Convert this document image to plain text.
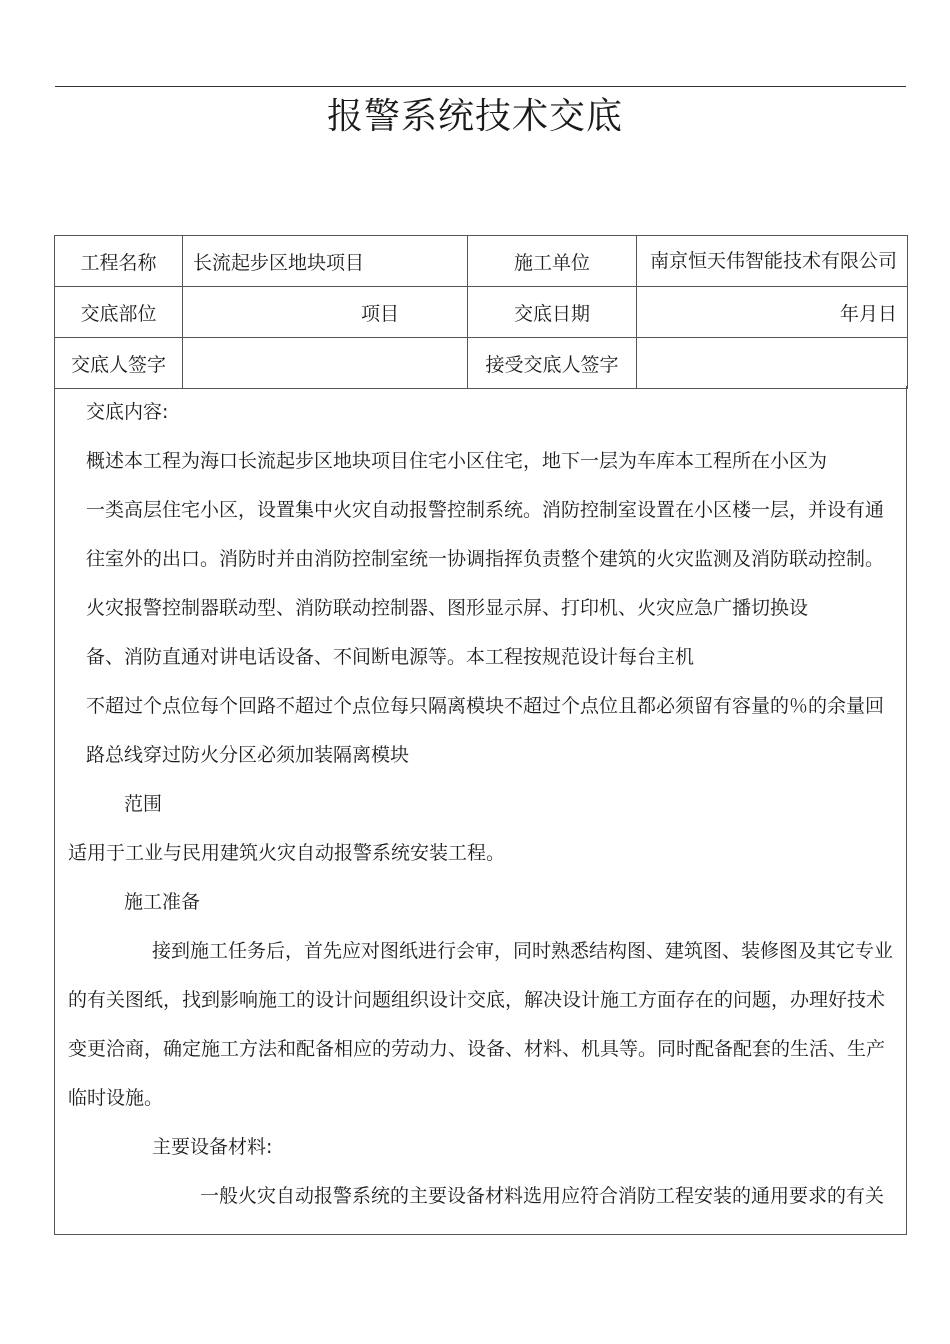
报警系统技术交底
工程名称	长流起步区地块项目	施工单位	南京恒天伟智能技术有限公司
交底部位	项目	交底日期	年月日
交底人签字		接受交底人签字	
交底内容:
概述本工程为海口长流起步区地块项目住宅小区住宅，地下一层为车库本工程所在小区为
一类高层住宅小区，设置集中火灾自动报警控制系统。消防控制室设置在小区楼一层，并设有通
往室外的出口。消防时并由消防控制室统一协调指挥负责整个建筑的火灾监测及消防联动控制。
火灾报警控制器联动型、消防联动控制器、图形显示屏、打印机、火灾应急广播切换设
备、消防直通对讲电话设备、不间断电源等。本工程按规范设计每台主机
不超过个点位每个回路不超过个点位每只隔离模块不超过个点位且都必须留有容量的％的余量回
路总线穿过防火分区必须加装隔离模块
范围
适用于工业与民用建筑火灾自动报警系统安装工程。
施工准备
接到施工任务后，首先应对图纸进行会审，同时熟悉结构图、建筑图、装修图及其它专业
的有关图纸，找到影响施工的设计问题组织设计交底，解决设计施工方面存在的问题，办理好技术
变更洽商，确定施工方法和配备相应的劳动力、设备、材料、机具等。同时配备配套的生活、生产
临时设施。
主要设备材料:
一般火灾自动报警系统的主要设备材料选用应符合消防工程安装的通用要求的有关
